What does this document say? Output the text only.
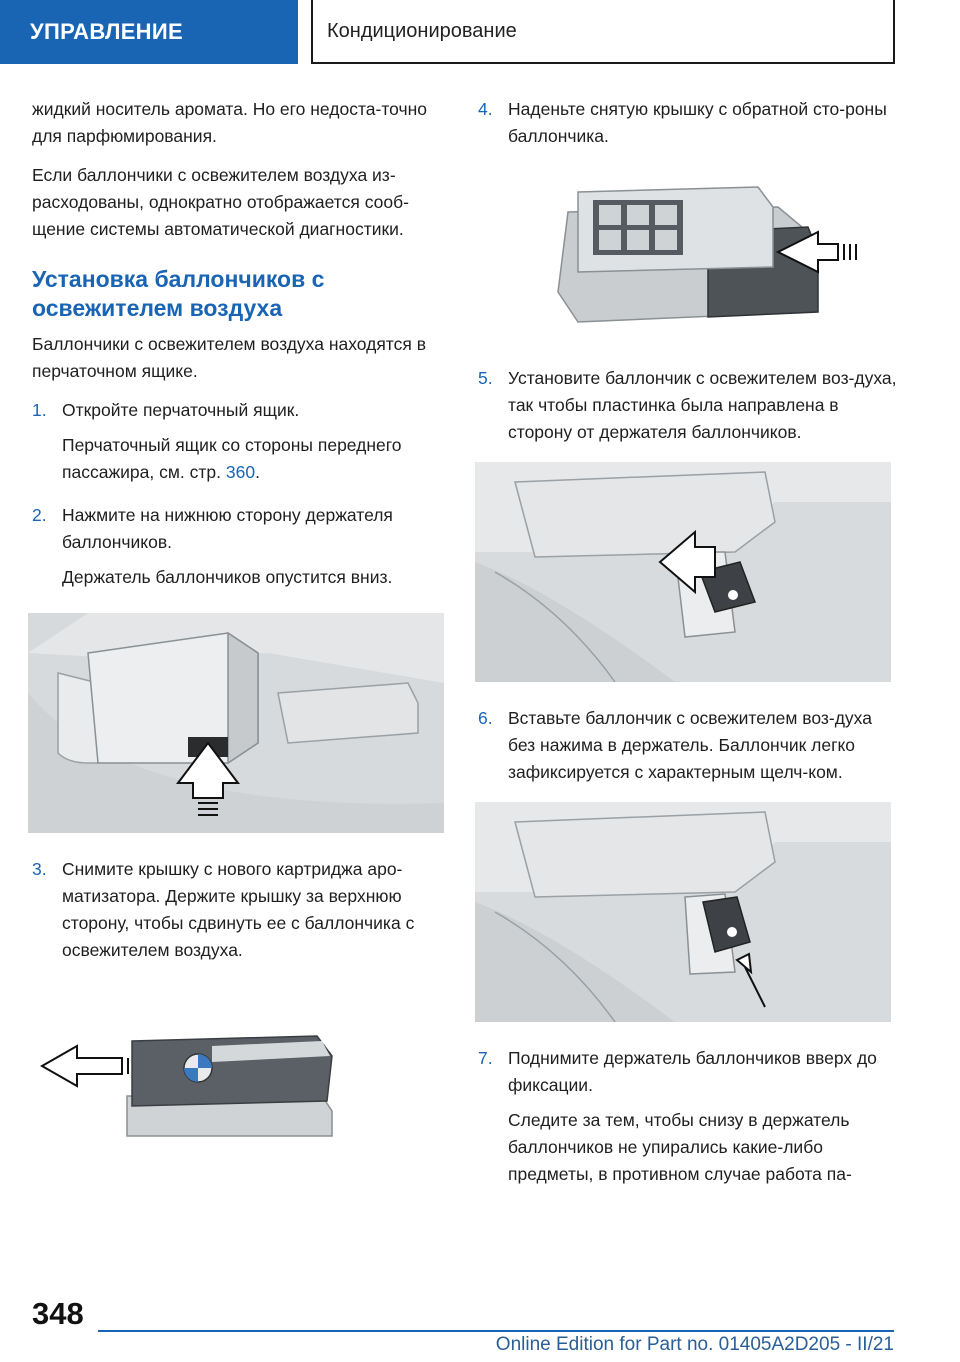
УПРАВЛЕНИЕ	Кондиционирование

жидкий носитель аромата. Но его недоста-точно для парфюмирования.

Если баллончики с освежителем воздуха из-расходованы, однократно отображается сооб-щение системы автоматической диагностики.

Установка баллончиков с освежителем воздуха

Баллончики с освежителем воздуха находятся в перчаточном ящике.

1. Откройте перчаточный ящик.

Перчаточный ящик со стороны переднего пассажира, см. стр. 360.

2. Нажмите на нижнюю сторону держателя баллончиков.

Держатель баллончиков опустится вниз.

3. Снимите крышку с нового картриджа аро-матизатора. Держите крышку за верхнюю сторону, чтобы сдвинуть ее с баллончика с освежителем воздуха.

4. Наденьте снятую крышку с обратной сто-роны баллончика.

5. Установите баллончик с освежителем воз-духа, так чтобы пластинка была направлена в сторону от держателя баллончиков.

6. Вставьте баллончик с освежителем воз-духа без нажима в держатель. Баллончик легко зафиксируется с характерным щелч-ком.

7. Поднимите держатель баллончиков вверх до фиксации.

Следите за тем, чтобы снизу в держатель баллончиков не упирались какие-либо предметы, в противном случае работа па-

348
Online Edition for Part no. 01405A2D205 - II/21
